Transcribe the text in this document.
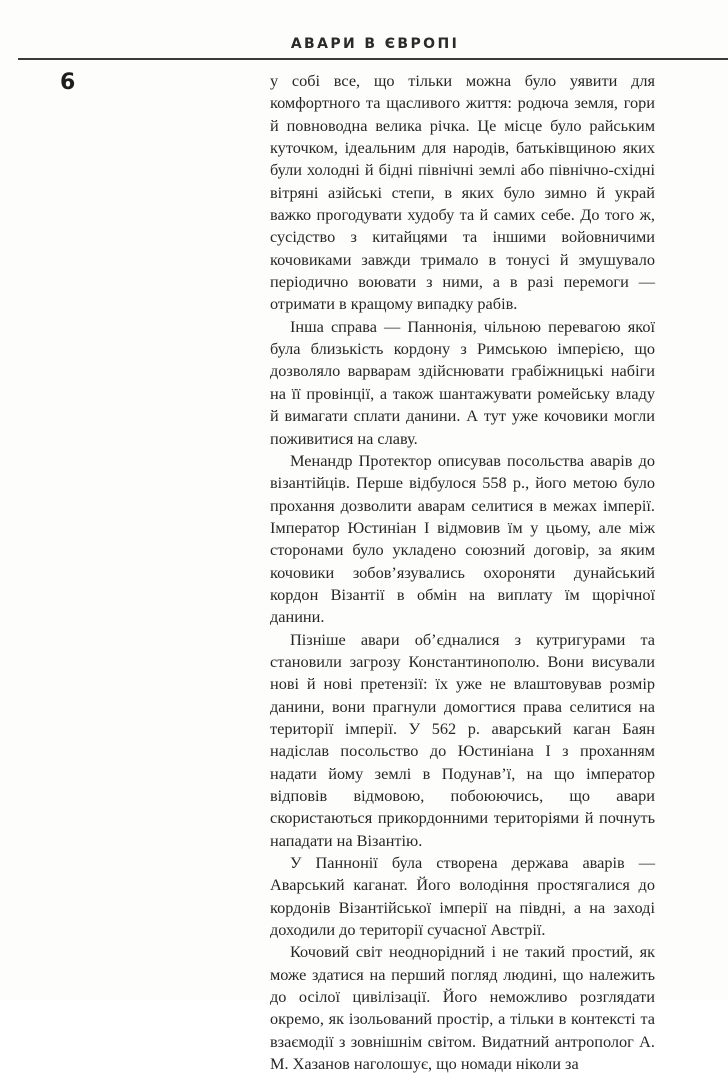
АВАРИ В ЄВРОПІ
6	у собі все, що тільки можна було уявити для комфортного та щасливого життя: родюча земля, гори й повноводна велика річка. Це місце було райським куточком, ідеальним для народів, батьківщиною яких були холодні й бідні північні землі або північно-східні вітряні азійські степи, в яких було зимно й украй важко прогодувати худобу та й самих себе. До того ж, сусідство з китайцями та іншими войовничими кочовиками завжди тримало в тонусі й змушувало періодично воювати з ними, а в разі перемоги — отримати в кращому випадку рабів.

Інша справа — Паннонія, чільною перевагою якої була близькість кордону з Римською імперією, що дозволяло варварам здійснювати грабіжницькі набіги на її провінції, а також шантажувати ромейську владу й вимагати сплати данини. А тут уже кочовики могли поживитися на славу.

Менандр Протектор описував посольства аварів до візантійців. Перше відбулося 558 р., його метою було прохання дозволити аварам селитися в межах імперії. Імператор Юстиніан I відмовив їм у цьому, але між сторонами було укладено союзний договір, за яким кочовики зобов’язувались охороняти дунайський кордон Візантії в обмін на виплату їм щорічної данини.

Пізніше авари об’єдналися з кутригурами та становили загрозу Константинополю. Вони висували нові й нові претензії: їх уже не влаштовував розмір данини, вони прагнули домогтися права селитися на території імперії. У 562 р. аварський каган Баян надіслав посольство до Юстиніана I з проханням надати йому землі в Подунав’ї, на що імператор відповів відмовою, побоюючись, що авари скористаються прикордонними територіями й почнуть нападати на Візантію.

У Паннонії була створена держава аварів — Аварський каганат. Його володіння простягалися до кордонів Візантійської імперії на півдні, а на заході доходили до території сучасної Австрії.

Кочовий світ неоднорідний і не такий простий, як може здатися на перший погляд людині, що належить до осілої цивілізації. Його неможливо розглядати окремо, як ізольований простір, а тільки в контексті та взаємодії з зовнішнім світом. Видатний антрополог А. М. Хазанов наголошує, що номади ніколи за
